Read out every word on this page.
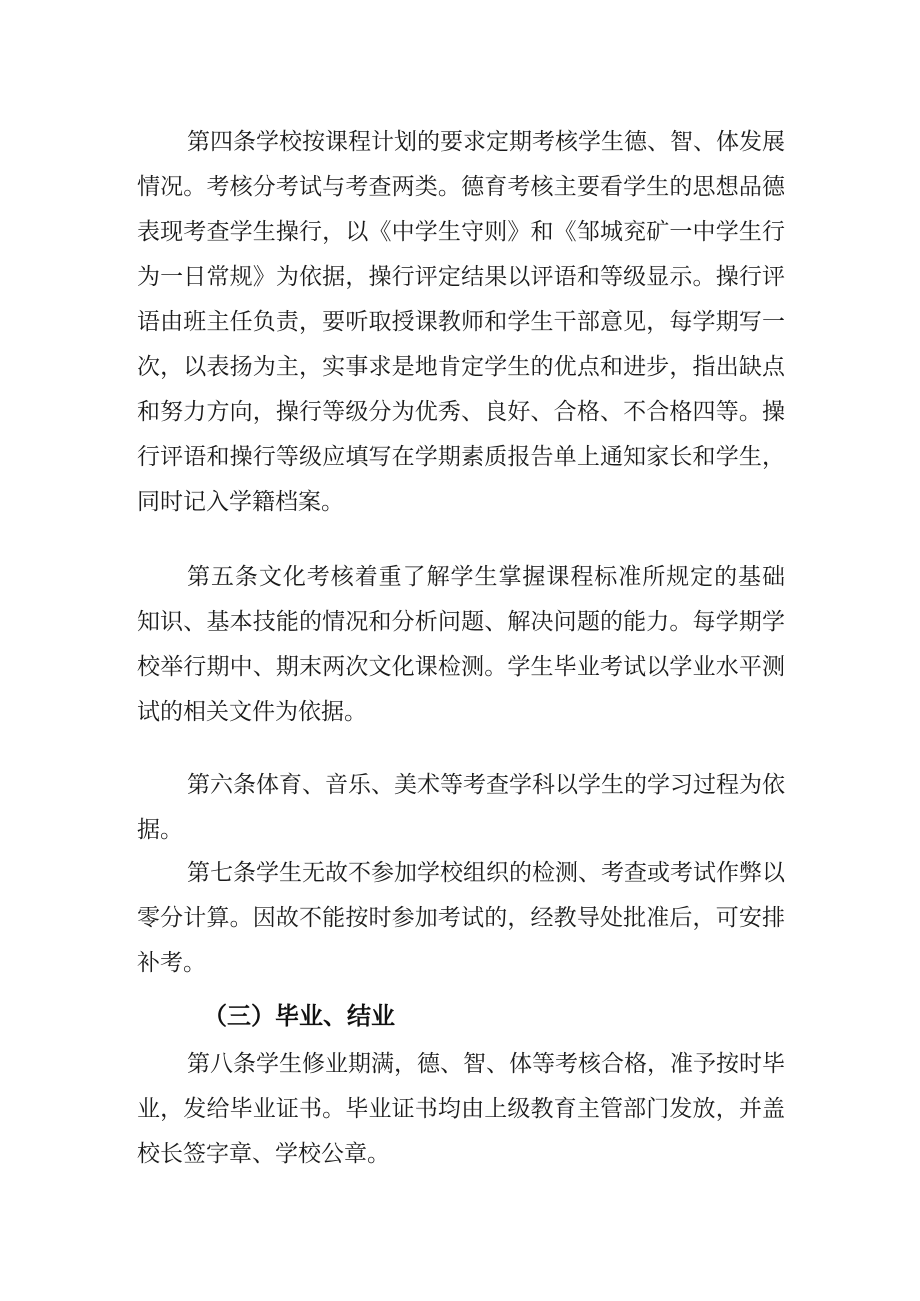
第四条学校按课程计划的要求定期考核学生德、智、体发展

情况。考核分考试与考查两类。德育考核主要看学生的思想品德

表现考查学生操行，以《中学生守则》和《邹城兖矿一中学生行

为一日常规》为依据，操行评定结果以评语和等级显示。操行评

语由班主任负责，要听取授课教师和学生干部意见，每学期写一

次，以表扬为主，实事求是地肯定学生的优点和进步，指出缺点

和努力方向，操行等级分为优秀、良好、合格、不合格四等。操

行评语和操行等级应填写在学期素质报告单上通知家长和学生，

同时记入学籍档案。

第五条文化考核着重了解学生掌握课程标准所规定的基础

知识、基本技能的情况和分析问题、解决问题的能力。每学期学

校举行期中、期末两次文化课检测。学生毕业考试以学业水平测

试的相关文件为依据。

第六条体育、音乐、美术等考查学科以学生的学习过程为依

据。

第七条学生无故不参加学校组织的检测、考查或考试作弊以

零分计算。因故不能按时参加考试的，经教导处批准后，可安排

补考。

（三）毕业、结业

第八条学生修业期满，德、智、体等考核合格，准予按时毕

业，发给毕业证书。毕业证书均由上级教育主管部门发放，并盖

校长签字章、学校公章。
